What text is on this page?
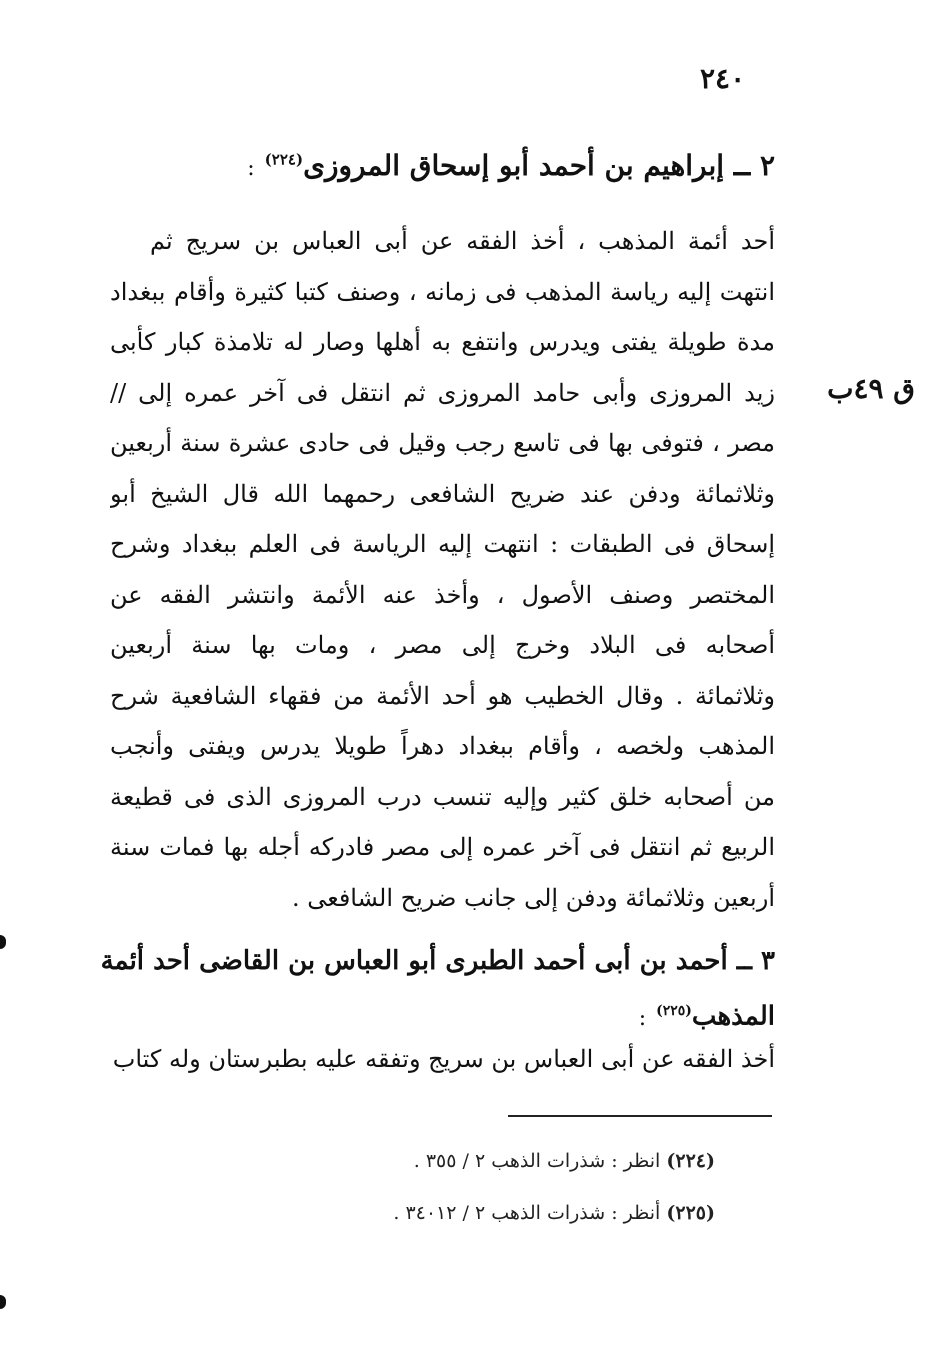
٢٤٠
٢ ــ إبراهيم بن أحمد أبو إسحاق المروزى$^{(٢٢٤)}$:
أحد أئمة المذهب ، أخذ الفقه عن أبى العباس بن سريج ثم
انتهت إليه رياسة المذهب فى زمانه ، وصنف كتبا كثيرة وأقام ببغداد
مدة طويلة يفتى ويدرس وانتفع به أهلها وصار له تلامذة كبار كأبى
زيد المروزى وأبى حامد المروزى ثم انتقل فى آخر عمره إلى //
مصر ، فتوفى بها فى تاسع رجب وقيل فى حادى عشرة سنة أربعين
وثلاثمائة ودفن عند ضريح الشافعى رحمهما الله قال الشيخ أبو
إسحاق فى الطبقات : انتهت إليه الرياسة فى العلم ببغداد وشرح
المختصر وصنف الأصول ، وأخذ عنه الأئمة وانتشر الفقه عن
أصحابه فى البلاد وخرج إلى مصر ، ومات بها سنة أربعين
وثلاثمائة . وقال الخطيب هو أحد الأئمة من فقهاء الشافعية شرح
المذهب ولخصه ، وأقام ببغداد دهراً طويلا يدرس ويفتى وأنجب
من أصحابه خلق كثير وإليه تنسب درب المروزى الذى فى قطيعة
الربيع ثم انتقل فى آخر عمره إلى مصر فادركه أجله بها فمات سنة
أربعين وثلاثمائة ودفن إلى جانب ضريح الشافعى .
ق ٤٩ب
٣ ــ أحمد بن أبى أحمد الطبرى أبو العباس بن القاضى أحد أئمة
المذهب$^{(٢٢٥)}$:
أخذ الفقه عن أبى العباس بن سريج وتفقه عليه بطبرستان وله كتاب
(٢٢٤) انظر : شذرات الذهب ٢ / ٣٥٥ .
(٢٢٥) أنظر : شذرات الذهب ٢ / ٣٤٠١٢ .
